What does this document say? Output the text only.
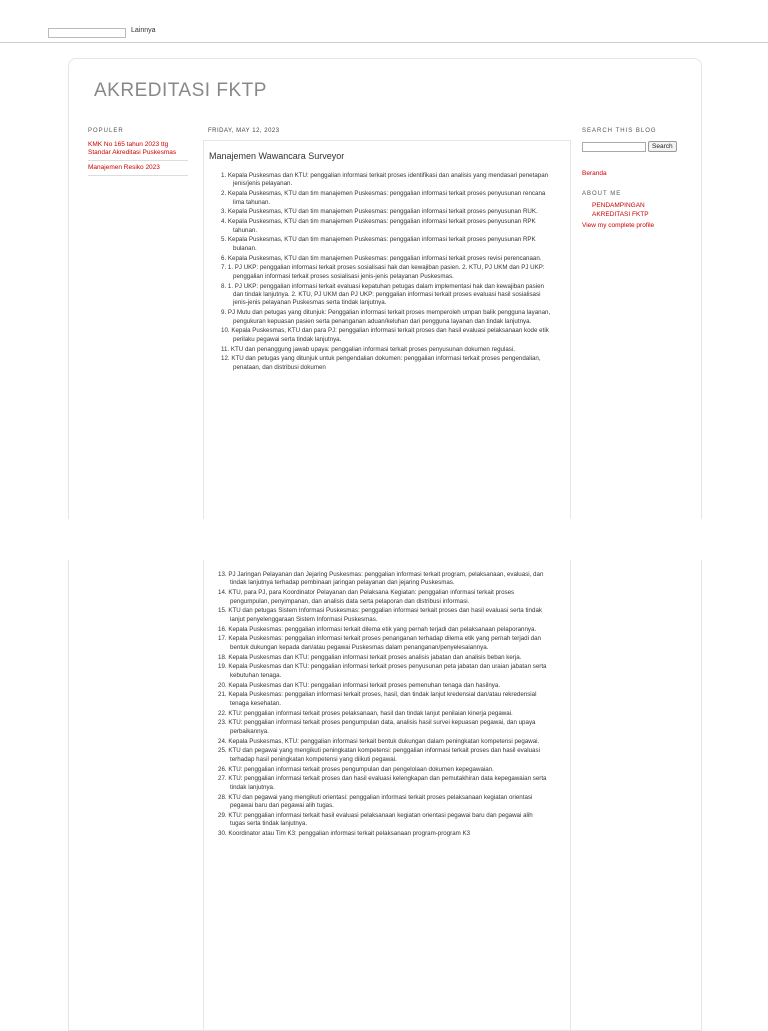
Lainnya
AKREDITASI FKTP
POPULER
KMK No 165 tahun 2023 ttg Standar Akreditasi Puskesmas
Manajemen Resiko 2023
FRIDAY, MAY 12, 2023
Manajemen Wawancara Surveyor
1. Kepala Puskesmas dan KTU: penggalian informasi terkait proses identifikasi dan analisis yang mendasari penetapan jenis/jenis pelayanan.
2. Kepala Puskesmas, KTU dan tim manajemen Puskesmas: penggalian informasi terkait proses penyusunan rencana lima tahunan.
3. Kepala Puskesmas, KTU dan tim manajemen Puskesmas: penggalian informasi terkait proses penyusunan RUK.
4. Kepala Puskesmas, KTU dan tim manajemen Puskesmas: penggalian informasi terkait proses penyusunan RPK tahunan.
5. Kepala Puskesmas, KTU dan tim manajemen Puskesmas: penggalian informasi terkait proses penyusunan RPK bulanan.
6. Kepala Puskesmas, KTU dan tim manajemen Puskesmas: penggalian informasi terkait proses revisi perencanaan.
7. 1. PJ UKP: penggalian informasi terkait proses sosialisasi hak dan kewajiban pasien. 2. KTU, PJ UKM dan PJ UKP: penggalian informasi terkait proses sosialisasi jenis-jenis pelayanan Puskesmas.
8. 1. PJ UKP: penggalian informasi terkait evaluasi kepatuhan petugas dalam implementasi hak dan kewajiban pasien dan tindak lanjutnya. 2. KTU, PJ UKM dan PJ UKP: penggalian informasi terkait proses evaluasi hasil sosialisasi jenis-jenis pelayanan Puskesmas serta tindak lanjutnya.
9. PJ Mutu dan petugas yang ditunjuk: Penggalian informasi terkait proses memperoleh umpan balik pengguna layanan, pengukuran kepuasan pasien serta penanganan aduan/keluhan dari pengguna layanan dan tindak lanjutnya.
10. Kepala Puskesmas, KTU dan para PJ: penggalian informasi terkait proses dan hasil evaluasi pelaksanaan kode etik perilaku pegawai serta tindak lanjutnya.
11. KTU dan penanggung jawab upaya: penggalian informasi terkait proses penyusunan dokumen regulasi.
12. KTU dan petugas yang ditunjuk untuk pengendalian dokumen: penggalian informasi terkait proses pengendalian, penataan, dan distribusi dokumen
13. PJ Jaringan Pelayanan dan Jejaring Puskesmas: penggalian informasi terkait program, pelaksanaan, evaluasi, dan tindak lanjutnya terhadap pembinaan jaringan pelayanan dan jejaring Puskesmas.
14. KTU, para PJ, para Koordinator Pelayanan dan Pelaksana Kegiatan: penggalian informasi terkait proses pengumpulan, penyimpanan, dan analisis data serta pelaporan dan distribusi informasi.
15. KTU dan petugas Sistem Informasi Puskesmas: penggalian informasi terkait proses dan hasil evaluasi serta tindak lanjut penyelenggaraan Sistem Informasi Puskesmas.
16. Kepala Puskesmas: penggalian informasi terkait dilema etik yang pernah terjadi dan pelaksanaan pelaporannya.
17. Kepala Puskesmas: penggalian informasi terkait proses penanganan terhadap dilema etik yang pernah terjadi dan bentuk dukungan kepada dan/atau pegawai Puskesmas dalam penanganan/penyelesaiannya.
18. Kepala Puskesmas dan KTU: penggalian informasi terkait proses analisis jabatan dan analisis beban kerja.
19. Kepala Puskesmas dan KTU: penggalian informasi terkait proses penyusunan peta jabatan dan uraian jabatan serta kebutuhan tenaga.
20. Kepala Puskesmas dan KTU: penggalian informasi terkait proses pemenuhan tenaga dan hasilnya.
21. Kepala Puskesmas: penggalian informasi terkait proses, hasil, dan tindak lanjut kredensial dan/atau rekredensial tenaga kesehatan.
22. KTU: penggalian informasi terkait proses pelaksanaan, hasil dan tindak lanjut penilaian kinerja pegawai.
23. KTU: penggalian informasi terkait proses pengumpulan data, analisis hasil survei kepuasan pegawai, dan upaya perbaikannya.
24. Kepala Puskesmas, KTU: penggalian informasi terkait bentuk dukungan dalam peningkatan kompetensi pegawai.
25. KTU dan pegawai yang mengikuti peningkatan kompetensi: penggalian informasi terkait proses dan hasil evaluasi terhadap hasil peningkatan kompetensi yang diikuti pegawai.
26. KTU: penggalian informasi terkait proses pengumpulan dan pengelolaan dokumen kepegawaian.
27. KTU: penggalian informasi terkait proses dan hasil evaluasi kelengkapan dan pemutakhiran data kepegawaian serta tindak lanjutnya.
28. KTU dan pegawai yang mengikuti orientasi: penggalian informasi terkait proses pelaksanaan kegiatan orientasi pegawai baru dan pegawai alih tugas.
29. KTU: penggalian informasi terkait hasil evaluasi pelaksanaan kegiatan orientasi pegawai baru dan pegawai alih tugas serta tindak lanjutnya.
30. Koordinator atau Tim K3: penggalian informasi terkait pelaksanaan program-program K3
SEARCH THIS BLOG
Search
Beranda
ABOUT ME
PENDAMPINGAN AKREDITASI FKTP
View my complete profile
